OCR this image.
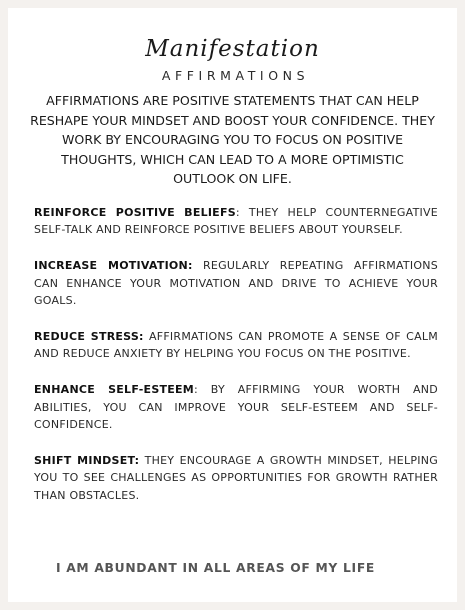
Manifestation
AFFIRMATIONS
AFFIRMATIONS ARE POSITIVE STATEMENTS THAT CAN HELP RESHAPE YOUR MINDSET AND BOOST YOUR CONFIDENCE. THEY WORK BY ENCOURAGING YOU TO FOCUS ON POSITIVE THOUGHTS, WHICH CAN LEAD TO A MORE OPTIMISTIC OUTLOOK ON LIFE.

REINFORCE POSITIVE BELIEFS: THEY HELP COUNTERNEGATIVE SELF-TALK AND REINFORCE POSITIVE BELIEFS ABOUT YOURSELF.

INCREASE MOTIVATION: REGULARLY REPEATING AFFIRMATIONS CAN ENHANCE YOUR MOTIVATION AND DRIVE TO ACHIEVE YOUR GOALS.

REDUCE STRESS: AFFIRMATIONS CAN PROMOTE A SENSE OF CALM AND REDUCE ANXIETY BY HELPING YOU FOCUS ON THE POSITIVE.

ENHANCE SELF-ESTEEM: BY AFFIRMING YOUR WORTH AND ABILITIES, YOU CAN IMPROVE YOUR SELF-ESTEEM AND SELF-CONFIDENCE.

SHIFT MINDSET: THEY ENCOURAGE A GROWTH MINDSET, HELPING YOU TO SEE CHALLENGES AS OPPORTUNITIES FOR GROWTH RATHER THAN OBSTACLES.

I AM ABUNDANT IN ALL AREAS OF MY LIFE
